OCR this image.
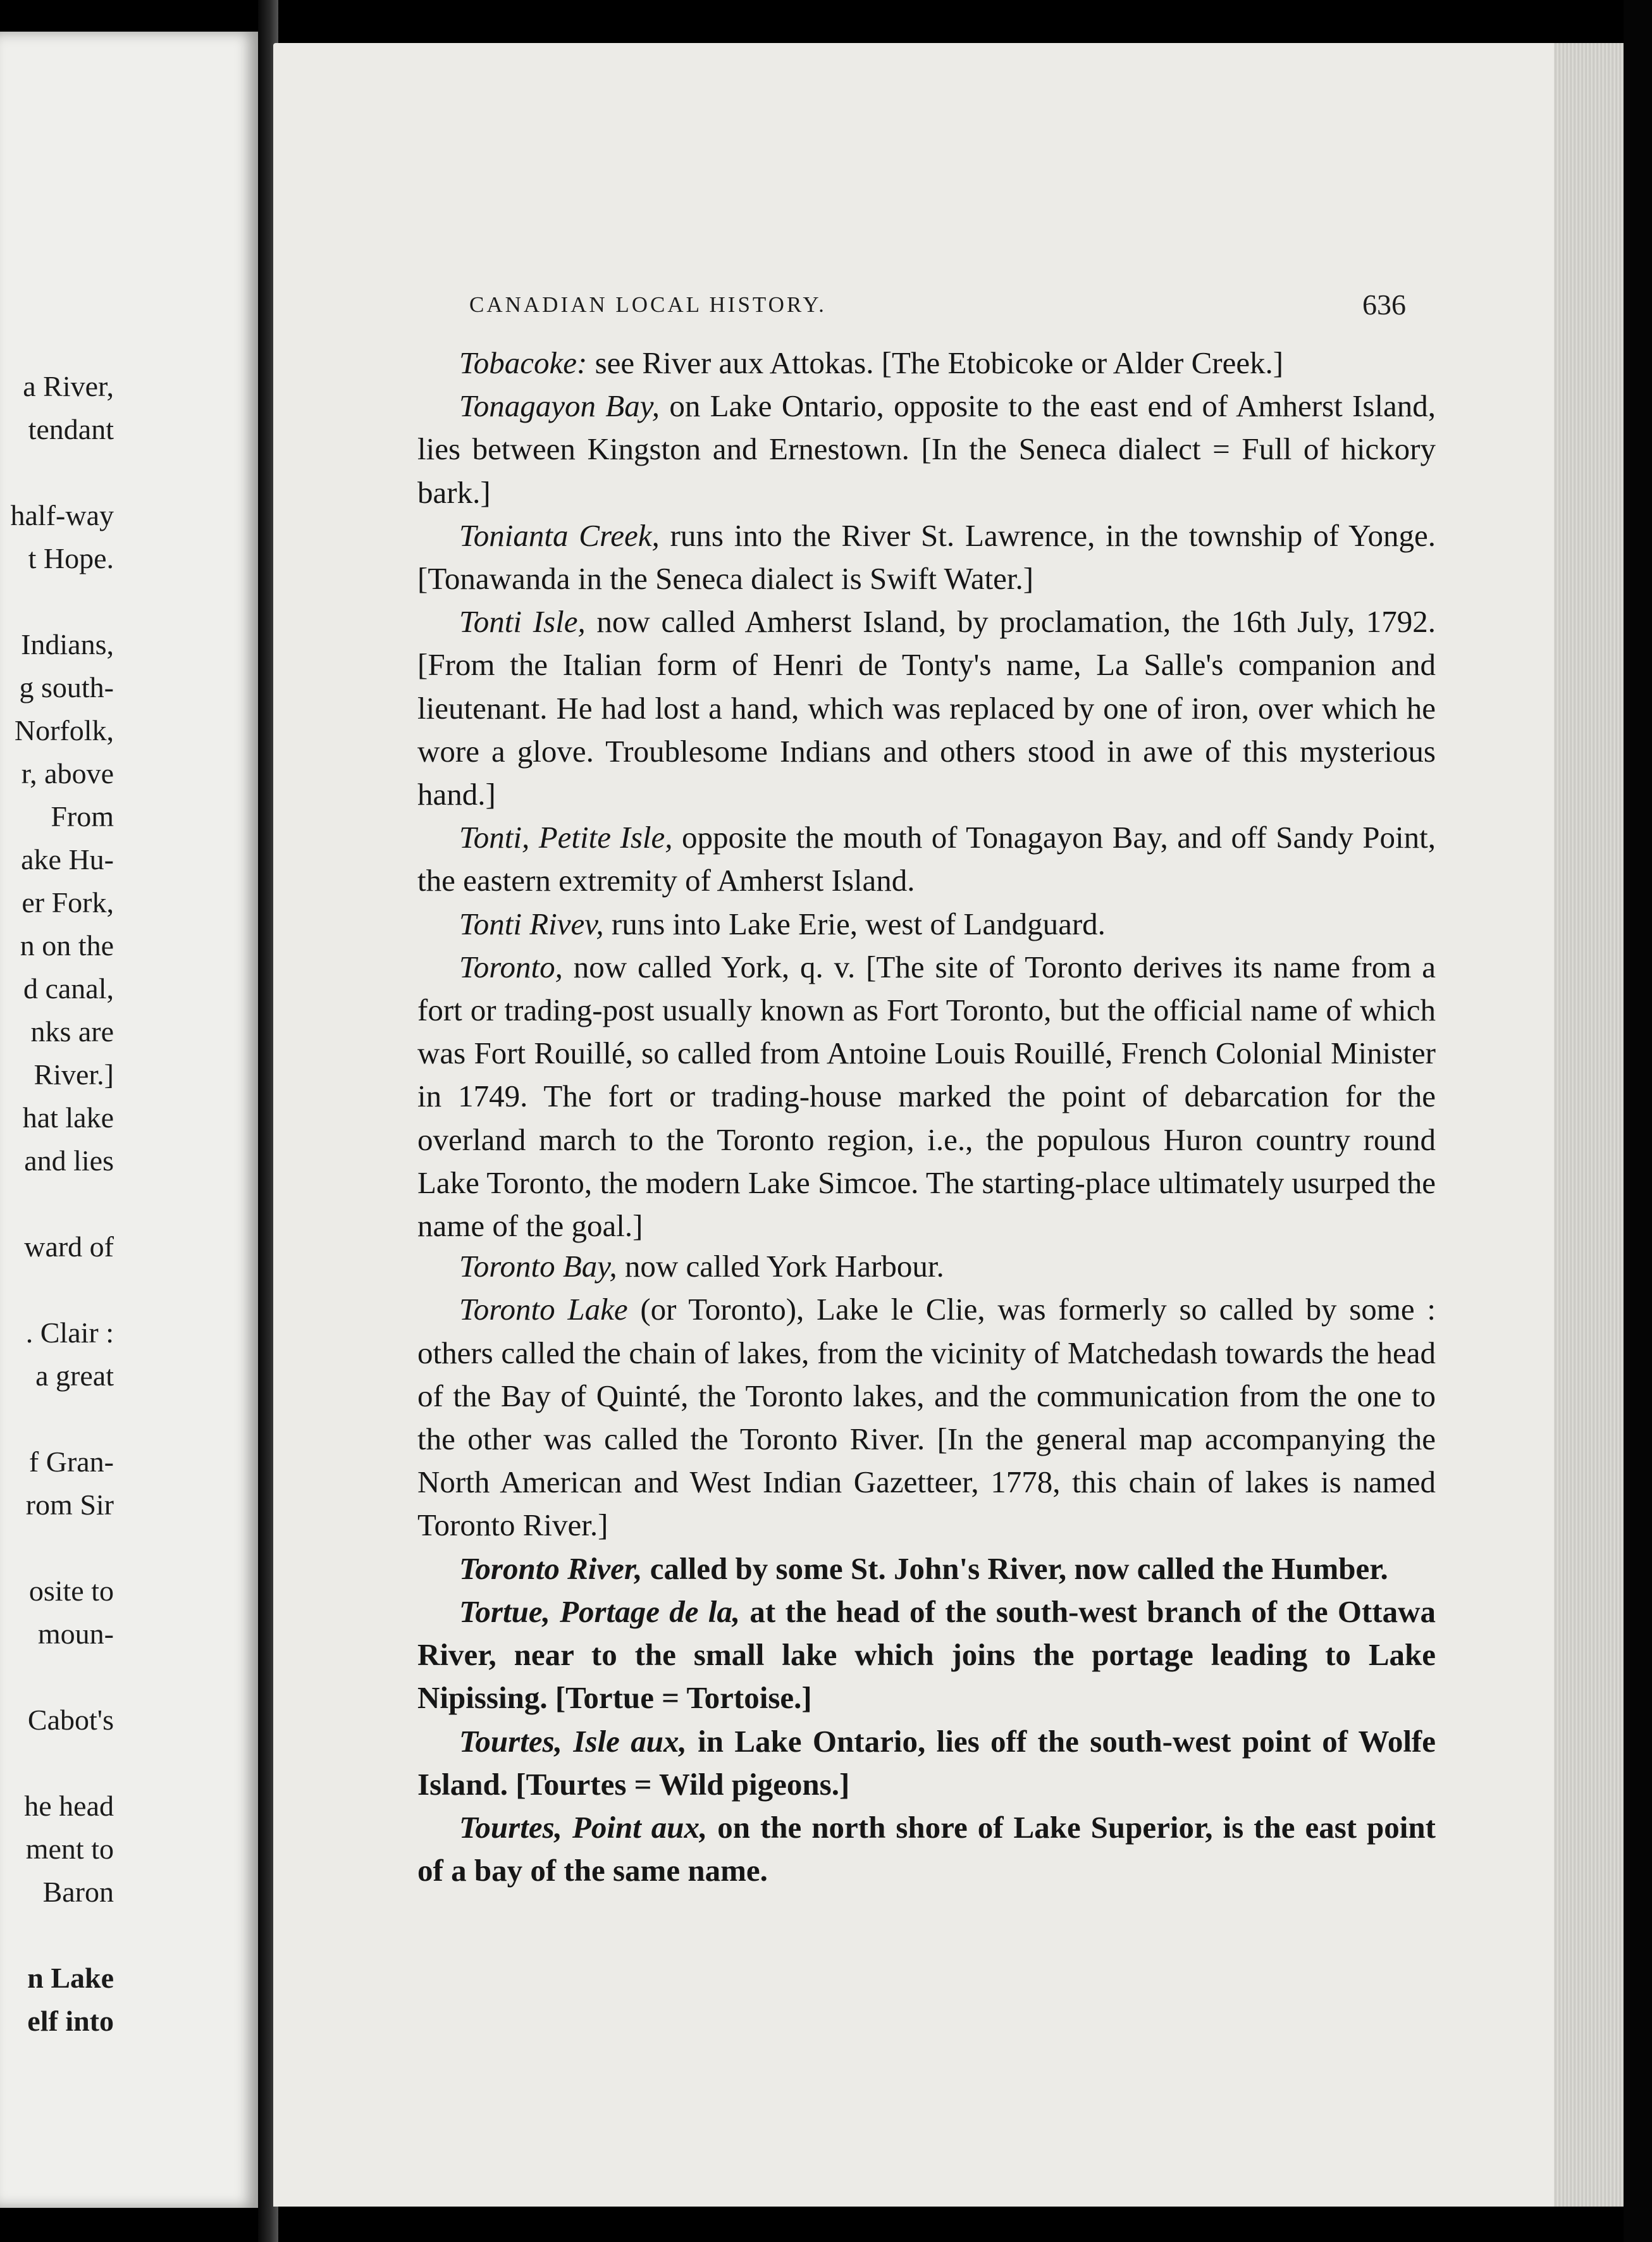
a River,
tendant
half-way
t Hope.
Indians,
g south-
Norfolk,
r, above
From
ake Hu-
er Fork,
n on the
d canal,
nks are
River.]
hat lake
and lies
ward of
. Clair :
a great
f Gran-
rom Sir
osite to
moun-
Cabot's
he head
ment to
Baron
n Lake
elf into
CANADIAN LOCAL HISTORY.	636

Tobacoke: see River aux Attokas. [The Etobicoke or Alder Creek.]

Tonagayon Bay, on Lake Ontario, opposite to the east end of Amherst Island, lies between Kingston and Ernestown. [In the Seneca dialect = Full of hickory bark.]

Tonianta Creek, runs into the River St. Lawrence, in the township of Yonge. [Tonawanda in the Seneca dialect is Swift Water.]

Tonti Isle, now called Amherst Island, by proclamation, the 16th July, 1792. [From the Italian form of Henri de Tonty's name, La Salle's companion and lieutenant. He had lost a hand, which was replaced by one of iron, over which he wore a glove. Troublesome Indians and others stood in awe of this mysterious hand.]

Tonti, Petite Isle, opposite the mouth of Tonagayon Bay, and off Sandy Point, the eastern extremity of Amherst Island.

Tonti Rivev, runs into Lake Erie, west of Landguard.

Toronto, now called York, q. v. [The site of Toronto derives its name from a fort or trading-post usually known as Fort Toronto, but the official name of which was Fort Rouillé, so called from Antoine Louis Rouillé, French Colonial Minister in 1749. The fort or trading-house marked the point of debarcation for the overland march to the Toronto region, i.e., the populous Huron country round Lake Toronto, the modern Lake Simcoe. The starting-place ultimately usurped the name of the goal.]

Toronto Bay, now called York Harbour.

Toronto Lake (or Toronto), Lake le Clie, was formerly so called by some : others called the chain of lakes, from the vicinity of Matchedash towards the head of the Bay of Quinté, the Toronto lakes, and the communication from the one to the other was called the Toronto River. [In the general map accompanying the North American and West Indian Gazetteer, 1778, this chain of lakes is named Toronto River.]

Toronto River, called by some St. John's River, now called the Humber.

Tortue, Portage de la, at the head of the south-west branch of the Ottawa River, near to the small lake which joins the portage leading to Lake Nipissing. [Tortue = Tortoise.]

Tourtes, Isle aux, in Lake Ontario, lies off the south-west point of Wolfe Island. [Tourtes = Wild pigeons.]

Tourtes, Point aux, on the north shore of Lake Superior, is the east point of a bay of the same name.
